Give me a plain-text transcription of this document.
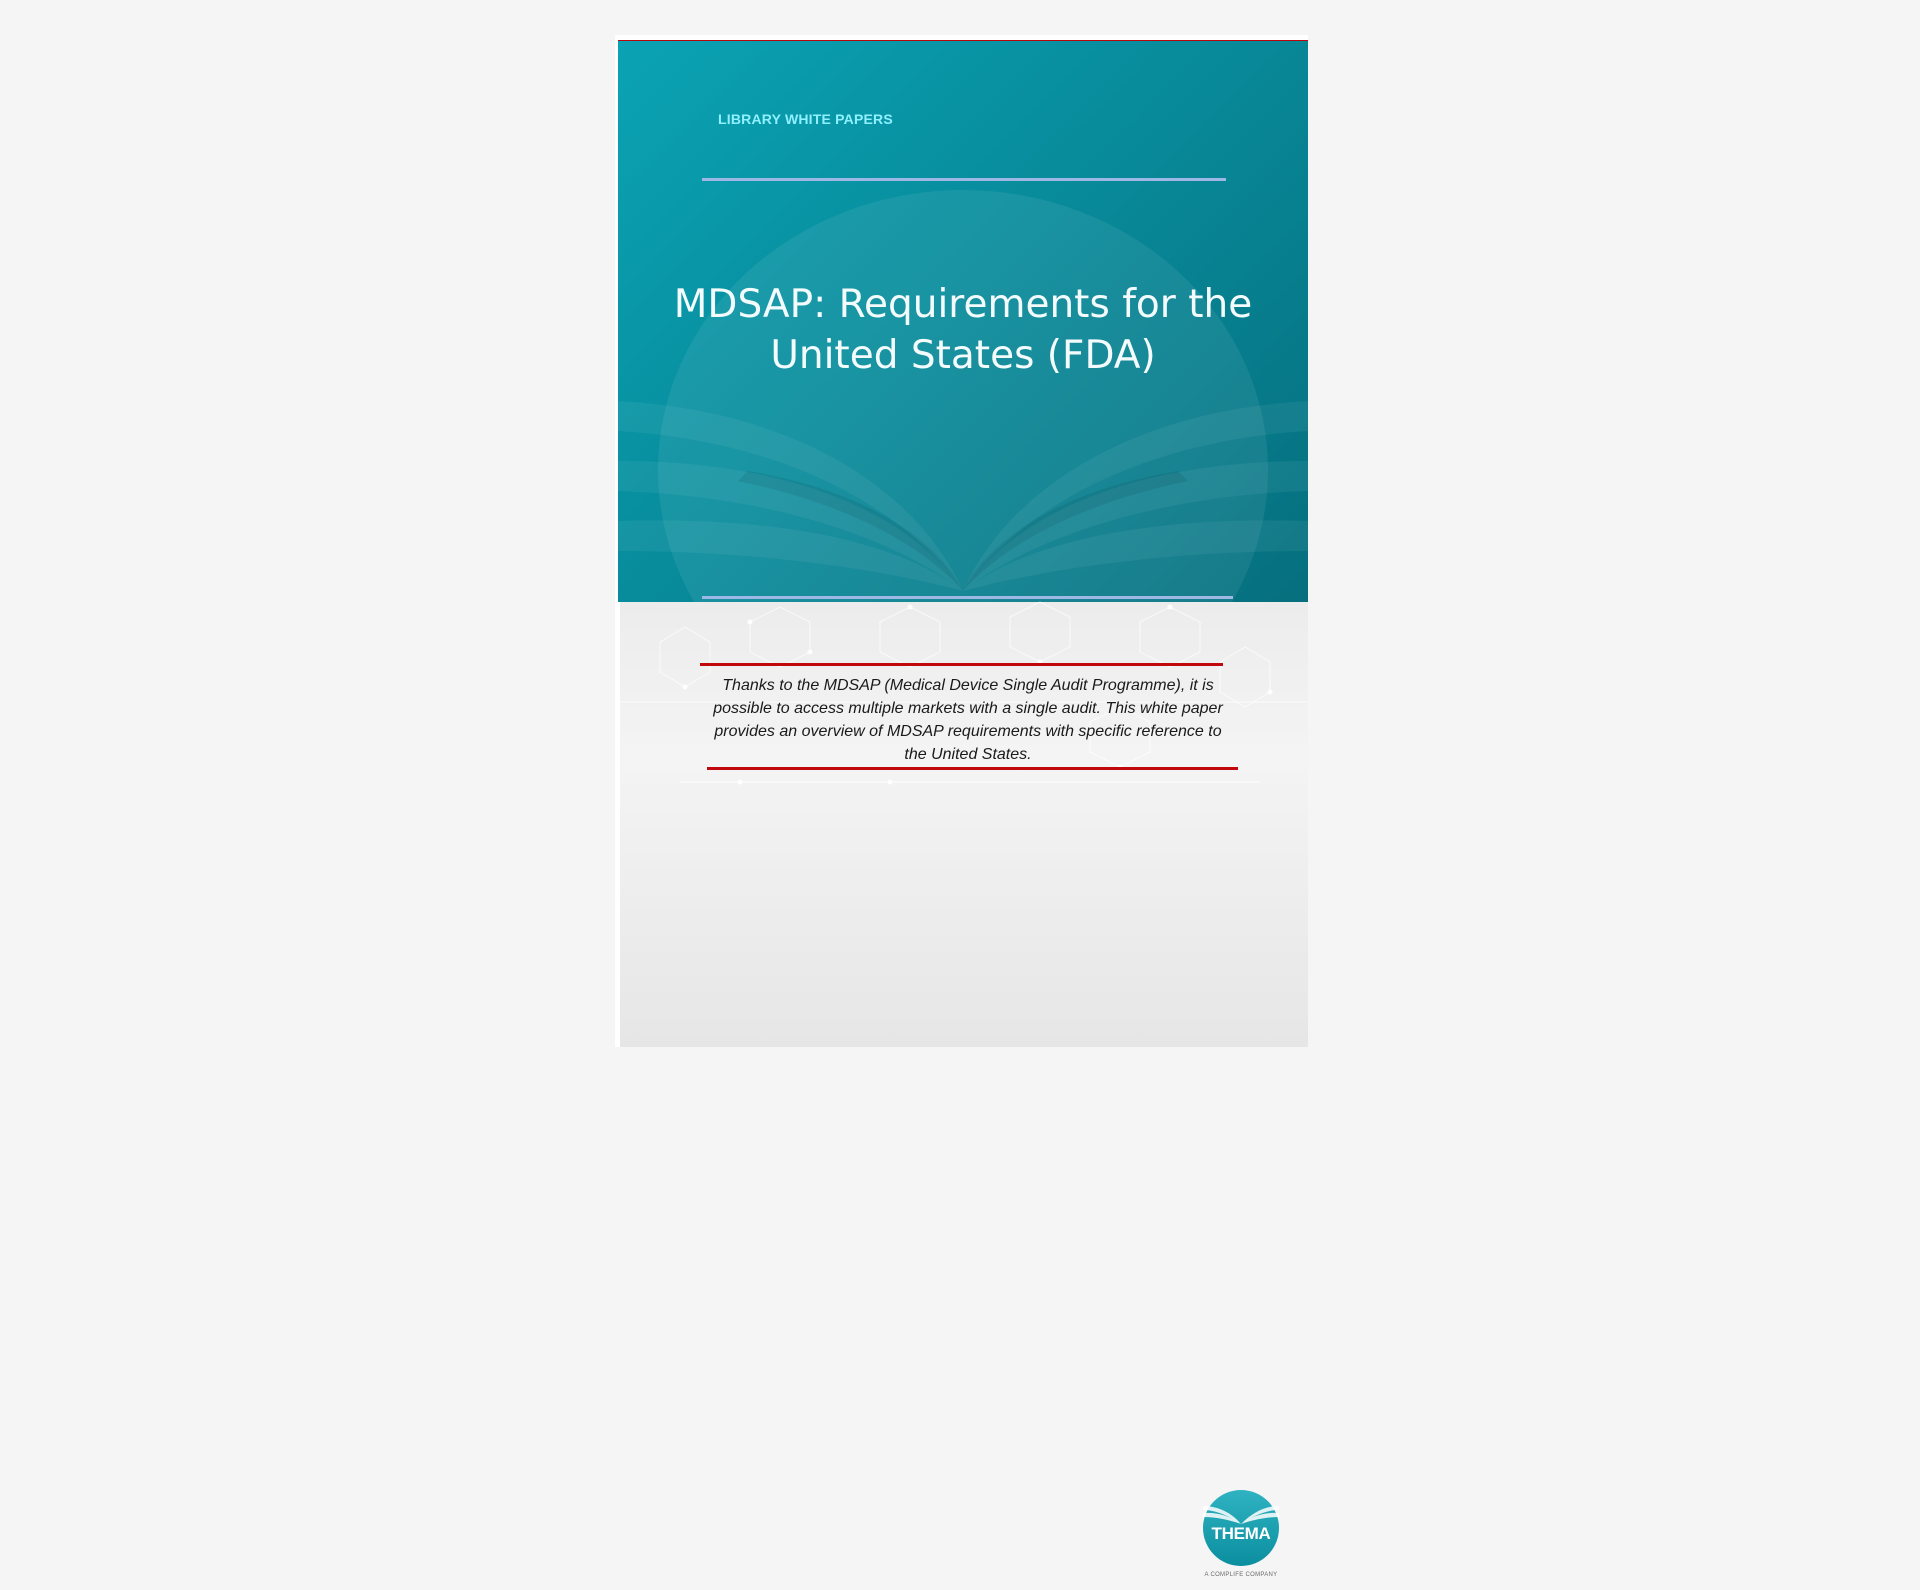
LIBRARY WHITE PAPERS
MDSAP: Requirements for the
United States (FDA)
THEMA
A COMPLIFE COMPANY
Thanks to the MDSAP (Medical Device Single Audit Programme), it is possible to access multiple markets with a single audit. This white paper provides an overview of MDSAP requirements with specific reference to the United States.
